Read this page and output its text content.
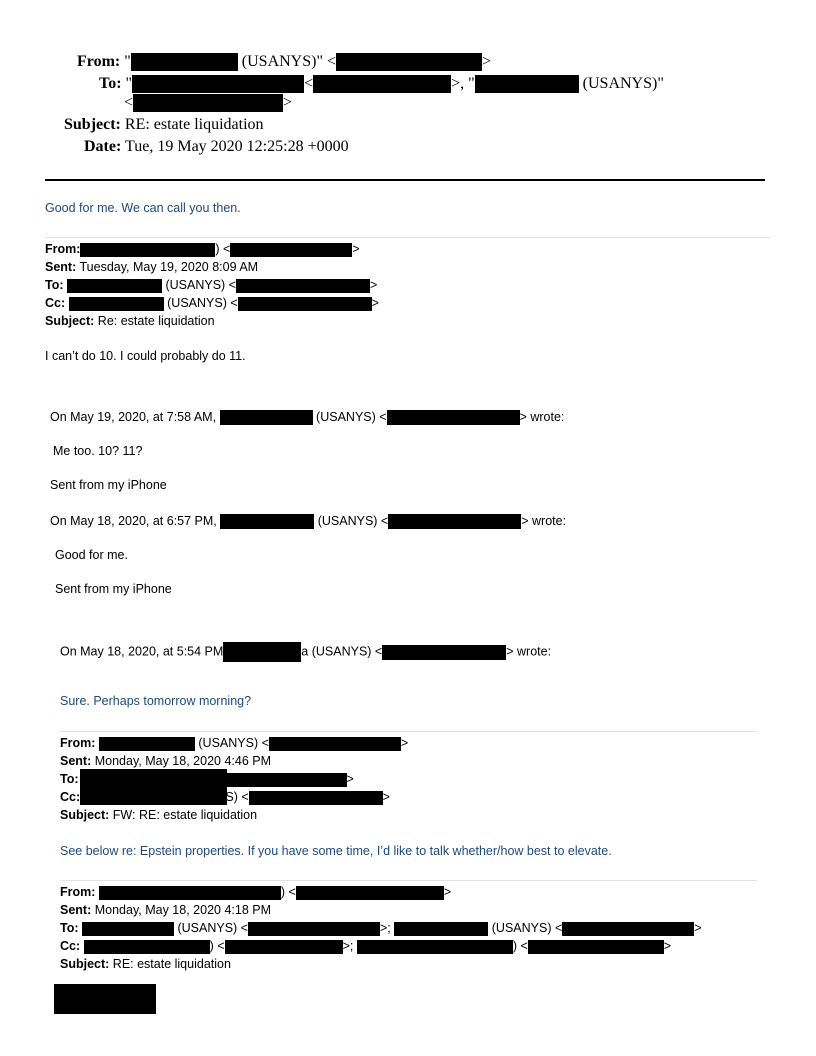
From: "	(USANYS)" <	>
To: "	<	>, "	(USANYS)"
<	>
Subject: RE: estate liquidation
Date: Tue, 19 May 2020 12:25:28 +0000
Good for me. We can call you then.
From:	) <	>
Sent: Tuesday, May 19, 2020 8:09 AM
To:	(USANYS) <	>
Cc:	(USANYS) <	>
Subject: Re: estate liquidation
I can’t do 10. I could probably do 11.
On May 19, 2020, at 7:58 AM,	(USANYS) <	> wrote:
Me too. 10? 11?
Sent from my iPhone
On May 18, 2020, at 6:57 PM,	(USANYS) <	> wrote:
Good for me.
Sent from my iPhone
On May 18, 2020, at 5:54 PM	a (USANYS) <	> wrote:
Sure. Perhaps tomorrow morning?
From:	(USANYS) <	>
Sent: Monday, May 18, 2020 4:46 PM
To:	>
Cc:	(USANYS) <	>
Subject: FW: RE: estate liquidation
See below re: Epstein properties. If you have some time, I’d like to talk whether/how best to elevate.
From:	) <	>
Sent: Monday, May 18, 2020 4:18 PM
To:	(USANYS) <	>;	(USANYS) <	>
Cc:	) <	>;	) <	>
Subject: RE: estate liquidation
